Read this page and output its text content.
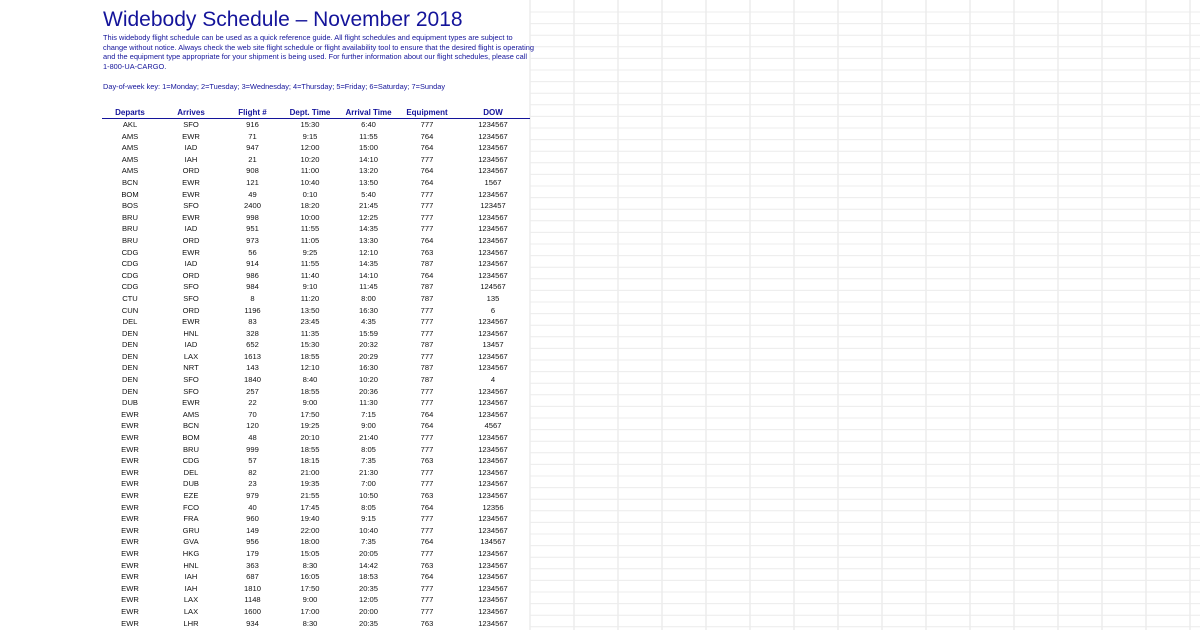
Widebody Schedule – November 2018

This widebody flight schedule can be used as a quick reference guide. All flight schedules and equipment types are subject to change without notice. Always check the web site flight schedule or flight availability tool to ensure that the desired flight is operating and the equipment type appropriate for your shipment is being used. For further information about our flight schedules, please call 1-800-UA-CARGO.

Day-of-week key: 1=Monday; 2=Tuesday; 3=Wednesday; 4=Thursday; 5=Friday; 6=Saturday; 7=Sunday

Departs	Arrives	Flight #	Dept. Time	Arrival Time	Equipment	DOW
AKL	SFO	916	15:30	6:40	777	1234567
AMS	EWR	71	9:15	11:55	764	1234567
AMS	IAD	947	12:00	15:00	764	1234567
AMS	IAH	21	10:20	14:10	777	1234567
AMS	ORD	908	11:00	13:20	764	1234567
BCN	EWR	121	10:40	13:50	764	1567
BOM	EWR	49	0:10	5:40	777	1234567
BOS	SFO	2400	18:20	21:45	777	123457
BRU	EWR	998	10:00	12:25	777	1234567
BRU	IAD	951	11:55	14:35	777	1234567
BRU	ORD	973	11:05	13:30	764	1234567
CDG	EWR	56	9:25	12:10	763	1234567
CDG	IAD	914	11:55	14:35	787	1234567
CDG	ORD	986	11:40	14:10	764	1234567
CDG	SFO	984	9:10	11:45	787	124567
CTU	SFO	8	11:20	8:00	787	135
CUN	ORD	1196	13:50	16:30	777	6
DEL	EWR	83	23:45	4:35	777	1234567
DEN	HNL	328	11:35	15:59	777	1234567
DEN	IAD	652	15:30	20:32	787	13457
DEN	LAX	1613	18:55	20:29	777	1234567
DEN	NRT	143	12:10	16:30	787	1234567
DEN	SFO	1840	8:40	10:20	787	4
DEN	SFO	257	18:55	20:36	777	1234567
DUB	EWR	22	9:00	11:30	777	1234567
EWR	AMS	70	17:50	7:15	764	1234567
EWR	BCN	120	19:25	9:00	764	4567
EWR	BOM	48	20:10	21:40	777	1234567
EWR	BRU	999	18:55	8:05	777	1234567
EWR	CDG	57	18:15	7:35	763	1234567
EWR	DEL	82	21:00	21:30	777	1234567
EWR	DUB	23	19:35	7:00	777	1234567
EWR	EZE	979	21:55	10:50	763	1234567
EWR	FCO	40	17:45	8:05	764	12356
EWR	FRA	960	19:40	9:15	777	1234567
EWR	GRU	149	22:00	10:40	777	1234567
EWR	GVA	956	18:00	7:35	764	134567
EWR	HKG	179	15:05	20:05	777	1234567
EWR	HNL	363	8:30	14:42	763	1234567
EWR	IAH	687	16:05	18:53	764	1234567
EWR	IAH	1810	17:50	20:35	777	1234567
EWR	LAX	1148	9:00	12:05	777	1234567
EWR	LAX	1600	17:00	20:00	777	1234567
EWR	LHR	934	8:30	20:35	763	1234567
